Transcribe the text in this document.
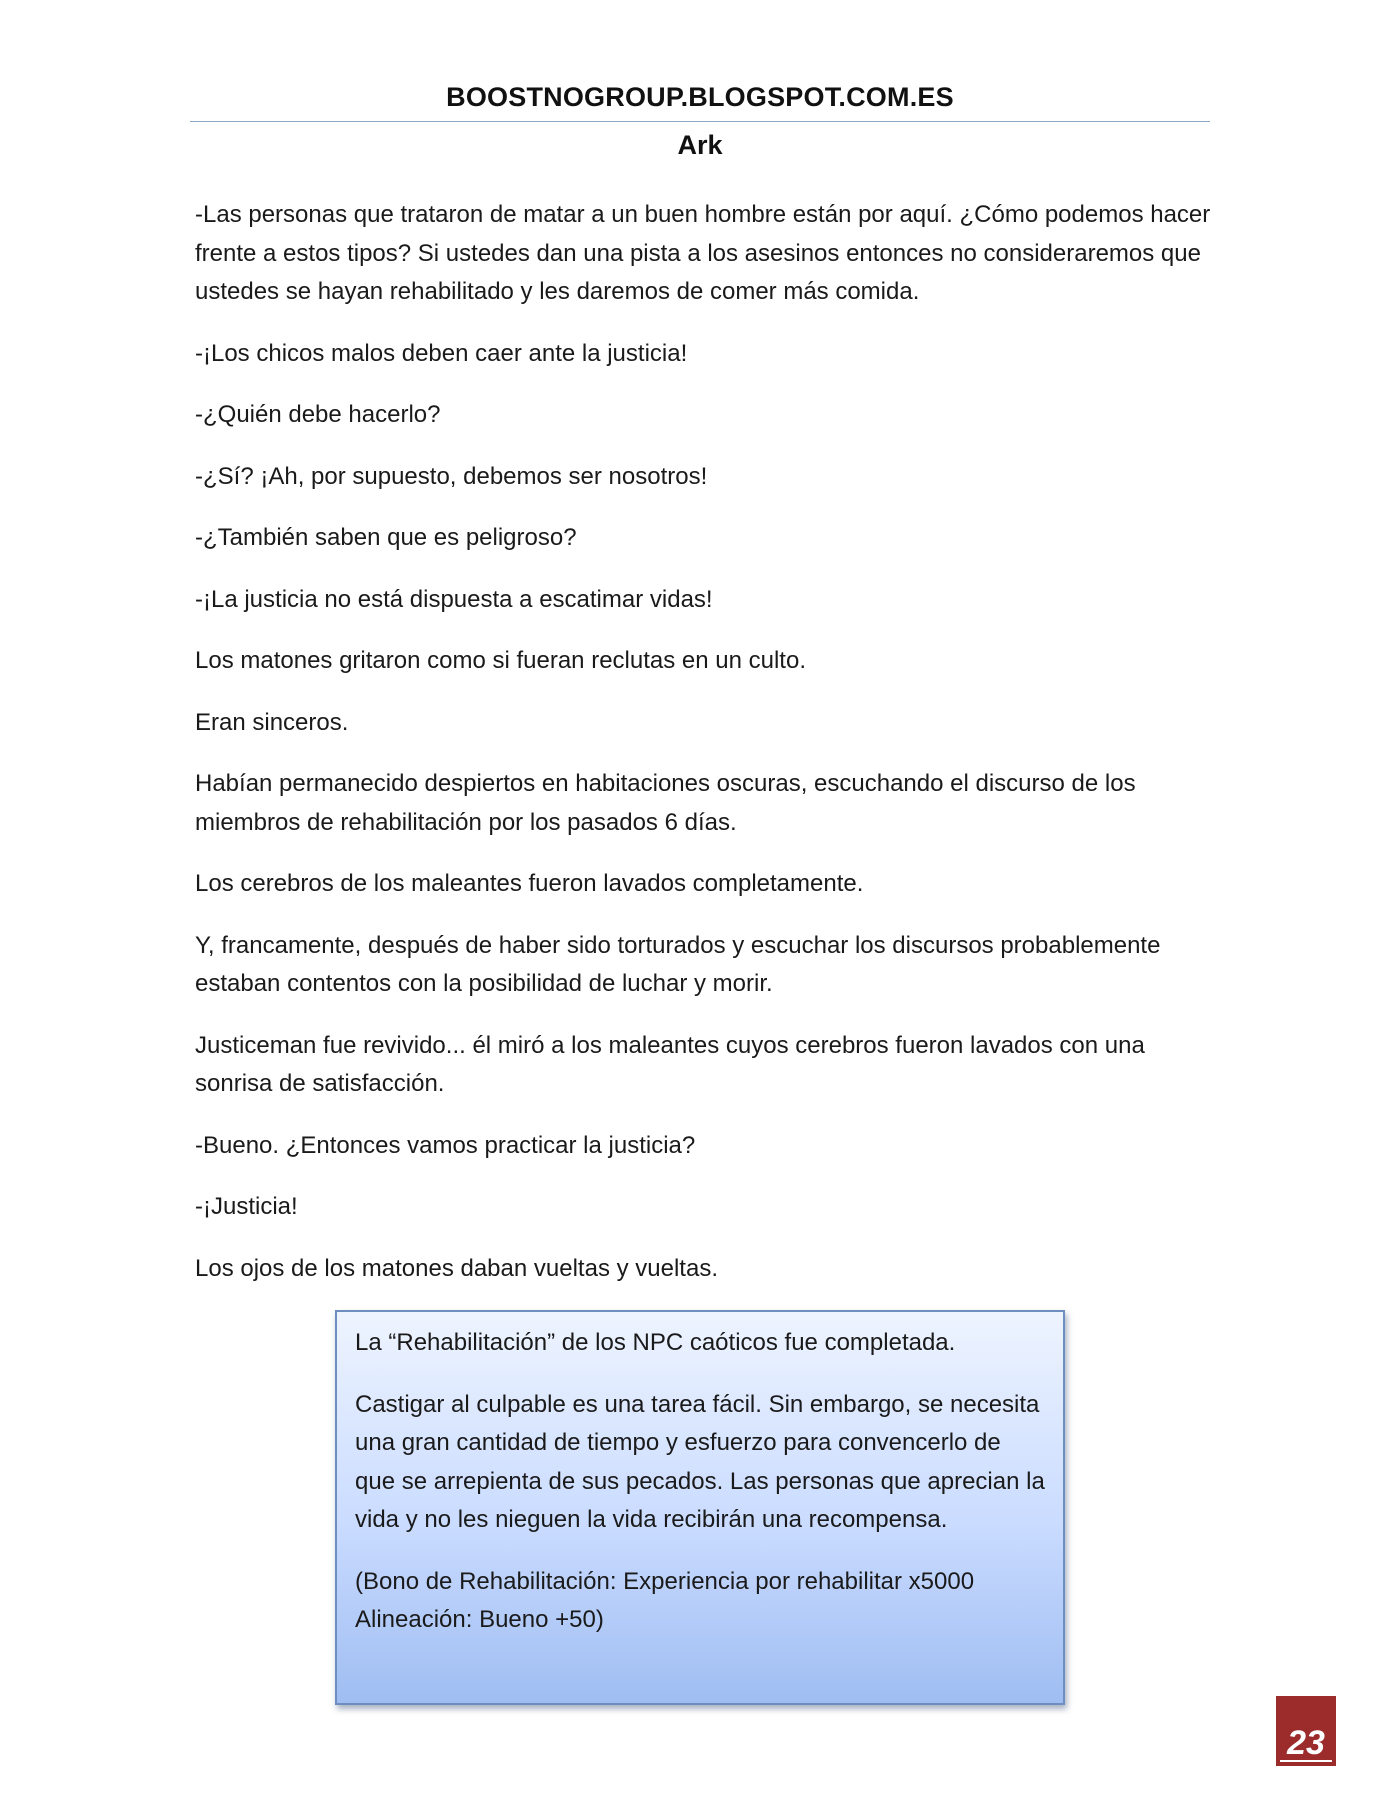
BOOSTNOGROUP.BLOGSPOT.COM.ES
Ark

-Las personas que trataron de matar a un buen hombre están por aquí. ¿Cómo podemos hacer frente a estos tipos? Si ustedes dan una pista a los asesinos entonces no consideraremos que ustedes se hayan rehabilitado y les daremos de comer más comida.

-¡Los chicos malos deben caer ante la justicia!

-¿Quién debe hacerlo?

-¿Sí? ¡Ah, por supuesto, debemos ser nosotros!

-¿También saben que es peligroso?

-¡La justicia no está dispuesta a escatimar vidas!

Los matones gritaron como si fueran reclutas en un culto.

Eran sinceros.

Habían permanecido despiertos en habitaciones oscuras, escuchando el discurso de los miembros de rehabilitación por los pasados 6 días.

Los cerebros de los maleantes fueron lavados completamente.

Y, francamente, después de haber sido torturados y escuchar los discursos probablemente estaban contentos con la posibilidad de luchar y morir.

Justiceman fue revivido... él miró a los maleantes cuyos cerebros fueron lavados con una sonrisa de satisfacción.

-Bueno. ¿Entonces vamos practicar la justicia?

-¡Justicia!

Los ojos de los matones daban vueltas y vueltas.

La “Rehabilitación” de los NPC caóticos fue completada.

Castigar al culpable es una tarea fácil. Sin embargo, se necesita una gran cantidad de tiempo y esfuerzo para convencerlo de que se arrepienta de sus pecados. Las personas que aprecian la vida y no les nieguen la vida recibirán una recompensa.

(Bono de Rehabilitación: Experiencia por rehabilitar x5000 Alineación: Bueno +50)

23
